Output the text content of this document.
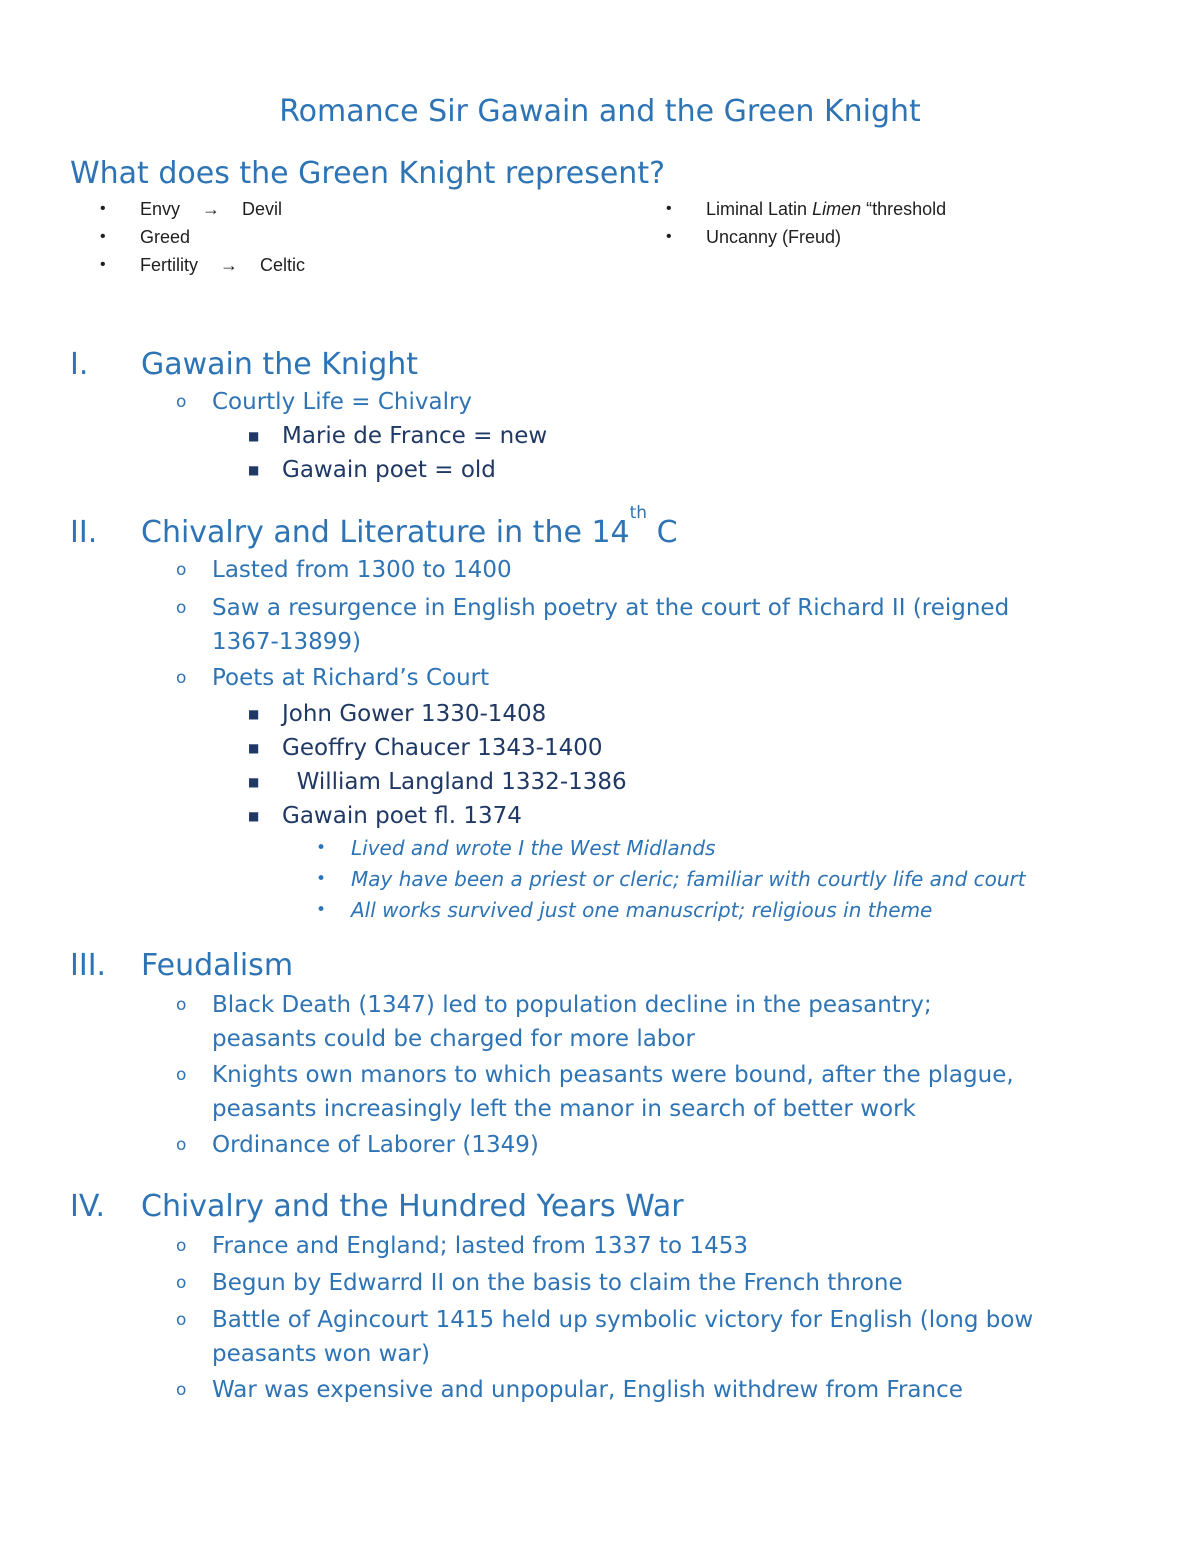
Romance Sir Gawain and the Green Knight
What does the Green Knight represent?
•	Envy → Devil
•	Greed
•	Fertility → Celtic
•	Liminal Latin Limen “threshold
•	Uncanny (Freud)
I.	Gawain the Knight
o Courtly Life = Chivalry
■ Marie de France = new
■ Gawain poet = old
II.	Chivalry and Literature in the 14
th
C
o Lasted from 1300 to 1400
o Saw a resurgence in English poetry at the court of Richard II (reigned
1367-13899)
o Poets at Richard’s Court
■ John Gower 1330-1408
■ Geoffry Chaucer 1343-1400
■ William Langland 1332-1386
■ Gawain poet fl. 1374
• Lived and wrote I the West Midlands
• May have been a priest or cleric; familiar with courtly life and court
• All works survived just one manuscript; religious in theme
III.	Feudalism
o Black Death (1347) led to population decline in the peasantry;
peasants could be charged for more labor
o Knights own manors to which peasants were bound, after the plague,
peasants increasingly left the manor in search of better work
o Ordinance of Laborer (1349)
IV.	Chivalry and the Hundred Years War
o France and England; lasted from 1337 to 1453
o Begun by Edwarrd II on the basis to claim the French throne
o Battle of Agincourt 1415 held up symbolic victory for English (long bow
peasants won war)
o War was expensive and unpopular, English withdrew from France
